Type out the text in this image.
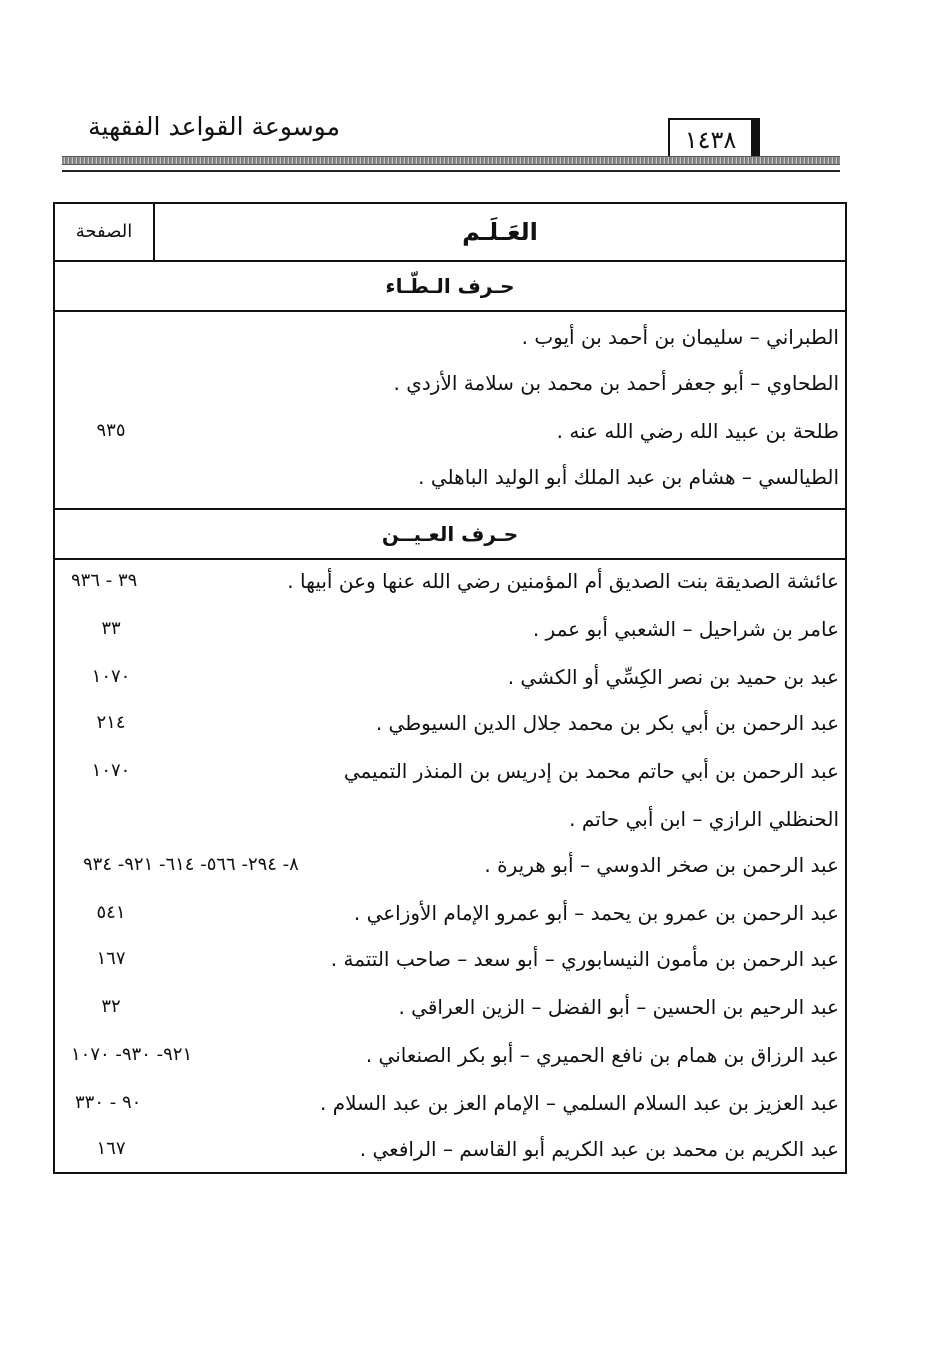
موسوعة القواعد الفقهية	١٤٣٨
العَـلَـم
الصفحة
حـرف الـطّـاء
الطبراني – سليمان بن أحمد بن أيوب .
الطحاوي – أبو جعفر أحمد بن محمد بن سلامة الأزدي .
طلحة بن عبيد الله رضي الله عنه .
٩٣٥
الطيالسي – هشام بن عبد الملك أبو الوليد الباهلي .
حـرف العـيــن
عائشة الصديقة بنت الصديق أم المؤمنين رضي الله عنها وعن أبيها .
٣٩ - ٩٣٦
عامر بن شراحيل – الشعبي أبو عمر .
٣٣
عبد بن حميد بن نصر الكِسِّي أو الكشي .
١٠٧٠
عبد الرحمن بن أبي بكر بن محمد جلال الدين السيوطي .
٢١٤
عبد الرحمن بن أبي حاتم محمد بن إدريس بن المنذر التميمي
١٠٧٠
الحنظلي الرازي – ابن أبي حاتم .
عبد الرحمن بن صخر الدوسي – أبو هريرة .
٨- ٢٩٤- ٥٦٦- ٦١٤- ٩٢١- ٩٣٤
عبد الرحمن بن عمرو بن يحمد – أبو عمرو الإمام الأوزاعي .
٥٤١
عبد الرحمن بن مأمون النيسابوري – أبو سعد – صاحب التتمة .
١٦٧
عبد الرحيم بن الحسين – أبو الفضل – الزين العراقي .
٣٢
عبد الرزاق بن همام بن نافع الحميري – أبو بكر الصنعاني .
٩٢١- ٩٣٠- ١٠٧٠
عبد العزيز بن عبد السلام السلمي – الإمام العز بن عبد السلام .
٩٠ - ٣٣٠
عبد الكريم بن محمد بن عبد الكريم أبو القاسم – الرافعي .
١٦٧
